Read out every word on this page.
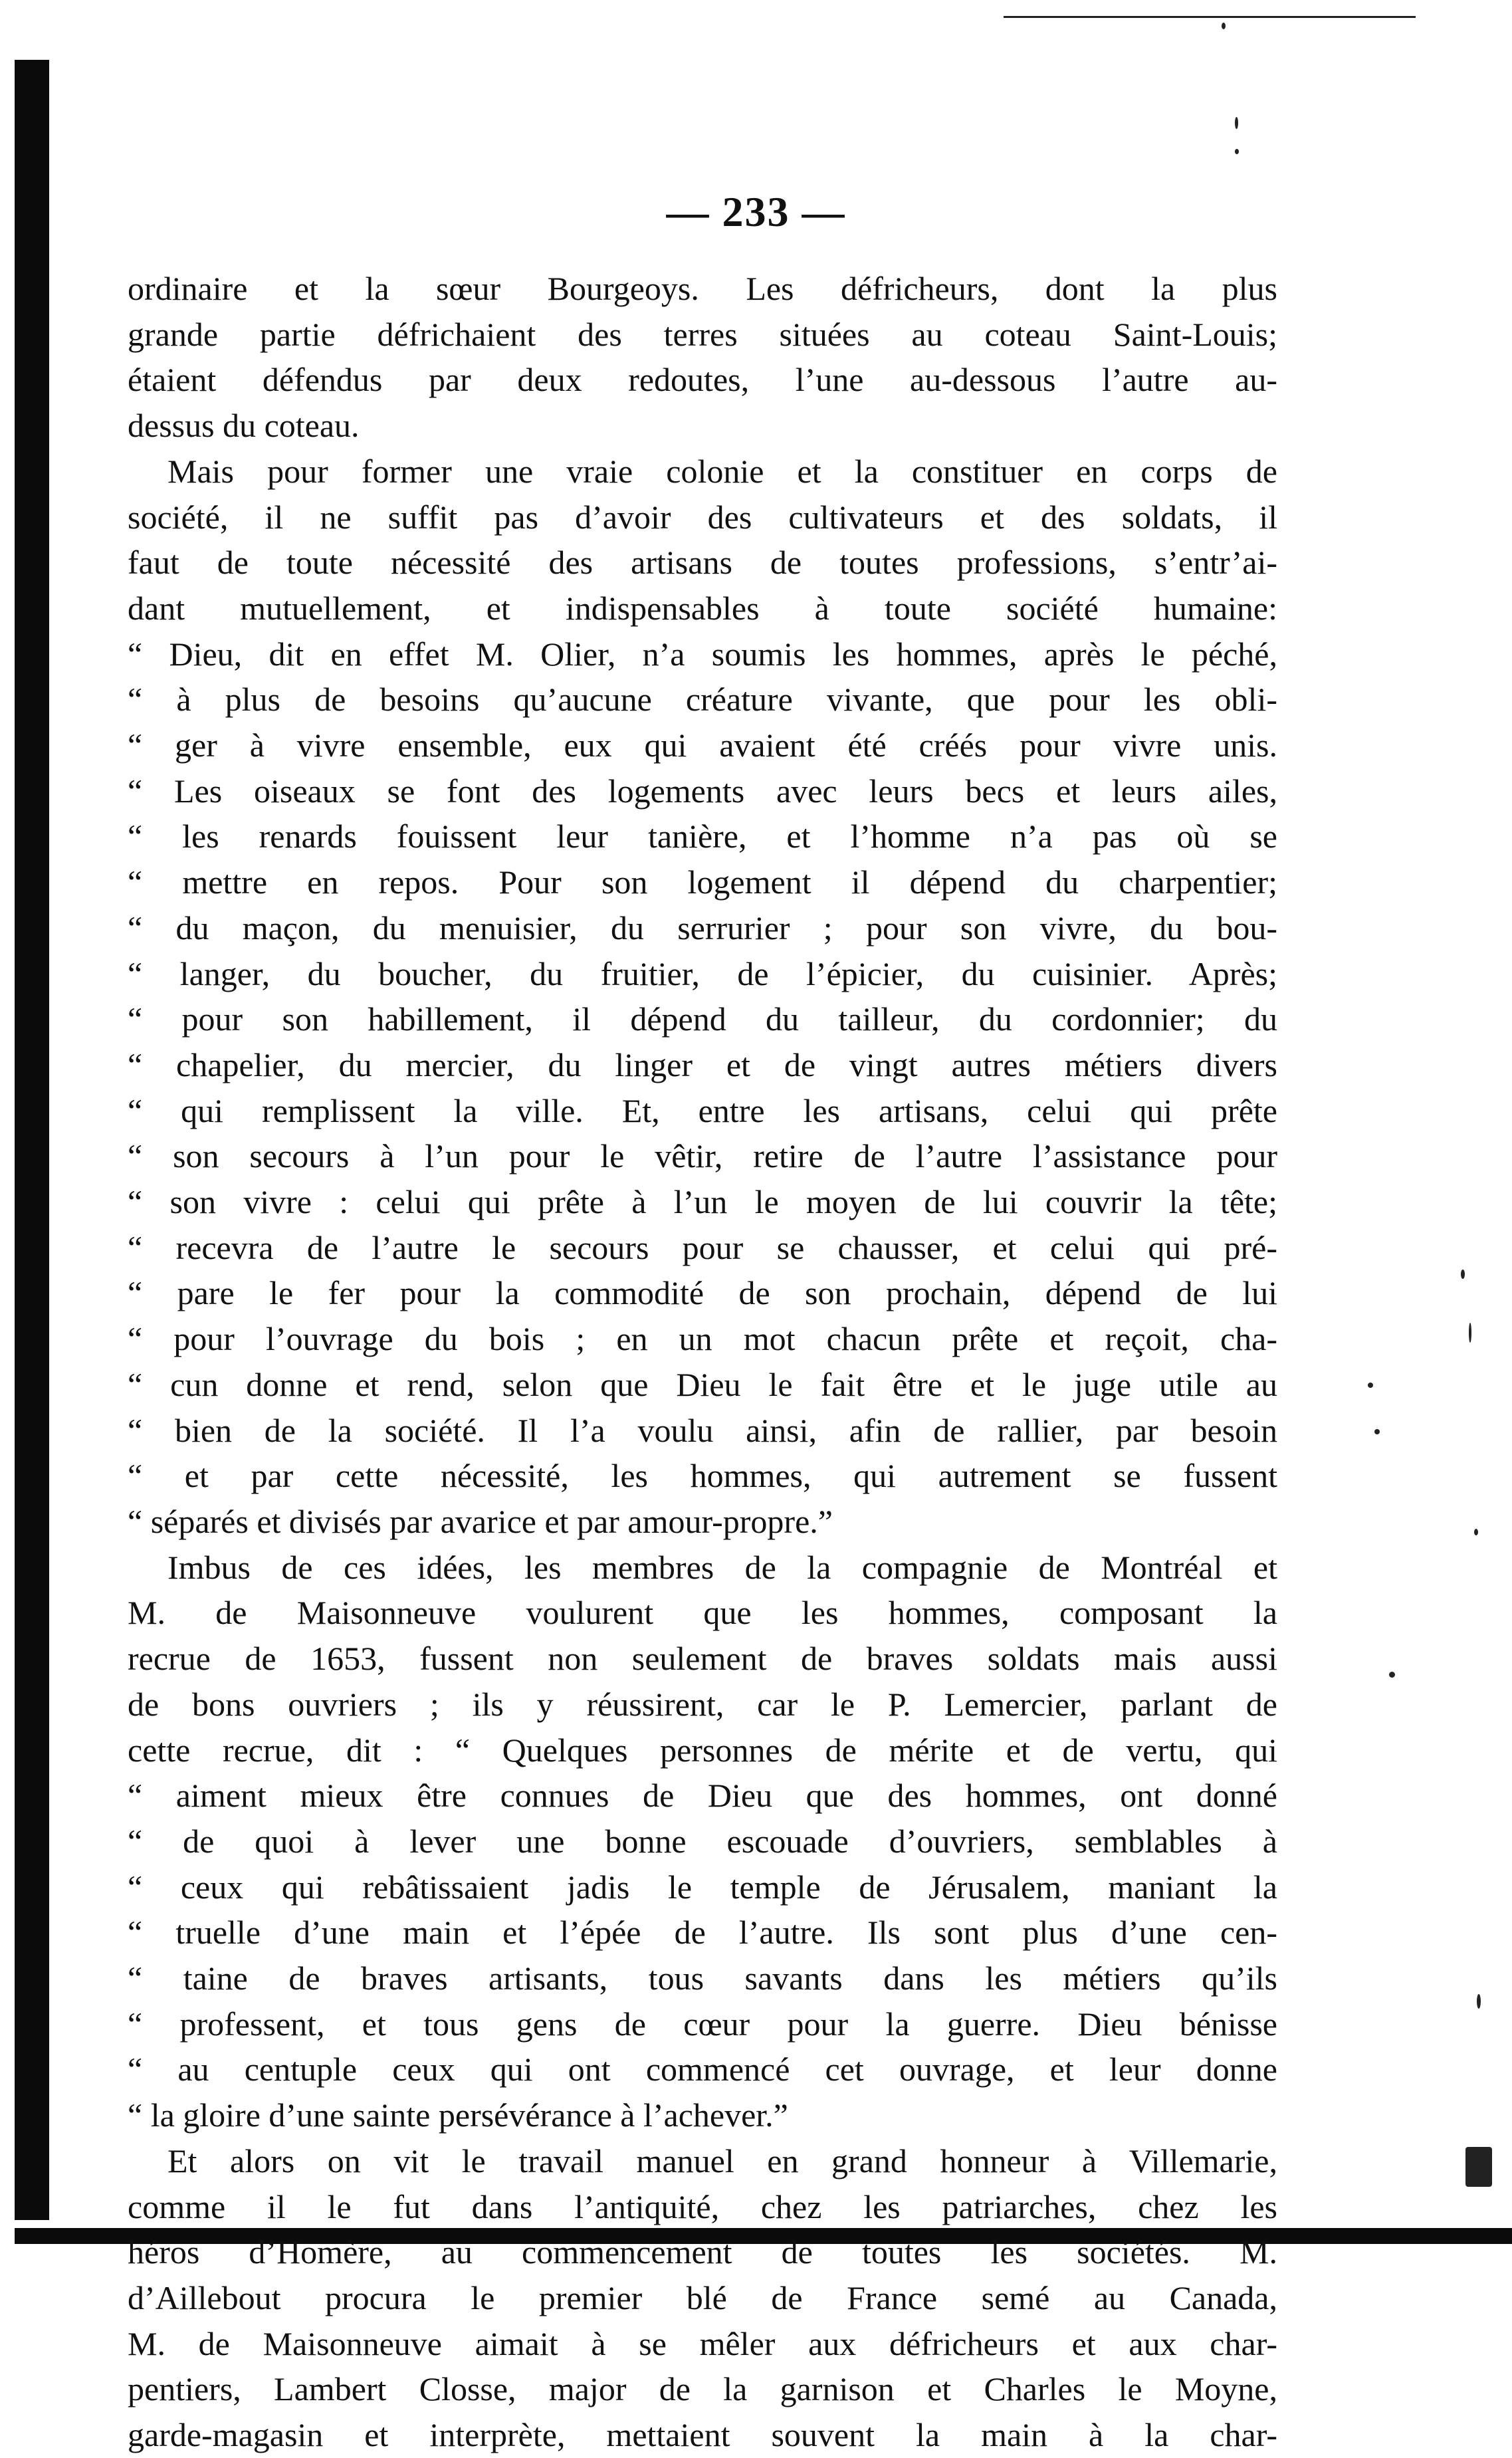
— 233 —
ordinaire et la sœur Bourgeoys. Les défricheurs, dont la plus
grande partie défrichaient des terres situées au coteau Saint-Louis;
étaient défendus par deux redoutes, l’une au-dessous l’autre au-
dessus du coteau.
Mais pour former une vraie colonie et la constituer en corps de
société, il ne suffit pas d’avoir des cultivateurs et des soldats, il
faut de toute nécessité des artisans de toutes professions, s’entr’ai-
dant mutuellement, et indispensables à toute société humaine:
“ Dieu, dit en effet M. Olier, n’a soumis les hommes, après le péché,
“ à plus de besoins qu’aucune créature vivante, que pour les obli-
“ ger à vivre ensemble, eux qui avaient été créés pour vivre unis.
“ Les oiseaux se font des logements avec leurs becs et leurs ailes,
“ les renards fouissent leur tanière, et l’homme n’a pas où se
“ mettre en repos. Pour son logement il dépend du charpentier;
“ du maçon, du menuisier, du serrurier ; pour son vivre, du bou-
“ langer, du boucher, du fruitier, de l’épicier, du cuisinier. Après;
“ pour son habillement, il dépend du tailleur, du cordonnier; du
“ chapelier, du mercier, du linger et de vingt autres métiers divers
“ qui remplissent la ville. Et, entre les artisans, celui qui prête
“ son secours à l’un pour le vêtir, retire de l’autre l’assistance pour
“ son vivre : celui qui prête à l’un le moyen de lui couvrir la tête;
“ recevra de l’autre le secours pour se chausser, et celui qui pré-
“ pare le fer pour la commodité de son prochain, dépend de lui
“ pour l’ouvrage du bois ; en un mot chacun prête et reçoit, cha-
“ cun donne et rend, selon que Dieu le fait être et le juge utile au
“ bien de la société. Il l’a voulu ainsi, afin de rallier, par besoin
“ et par cette nécessité, les hommes, qui autrement se fussent
“ séparés et divisés par avarice et par amour-propre.”
Imbus de ces idées, les membres de la compagnie de Montréal et
M. de Maisonneuve voulurent que les hommes, composant la
recrue de 1653, fussent non seulement de braves soldats mais aussi
de bons ouvriers ; ils y réussirent, car le P. Lemercier, parlant de
cette recrue, dit : “ Quelques personnes de mérite et de vertu, qui
“ aiment mieux être connues de Dieu que des hommes, ont donné
“ de quoi à lever une bonne escouade d’ouvriers, semblables à
“ ceux qui rebâtissaient jadis le temple de Jérusalem, maniant la
“ truelle d’une main et l’épée de l’autre. Ils sont plus d’une cen-
“ taine de braves artisants, tous savants dans les métiers qu’ils
“ professent, et tous gens de cœur pour la guerre. Dieu bénisse
“ au centuple ceux qui ont commencé cet ouvrage, et leur donne
“ la gloire d’une sainte persévérance à l’achever.”
Et alors on vit le travail manuel en grand honneur à Villemarie,
comme il le fut dans l’antiquité, chez les patriarches, chez les
héros d’Homère, au commencement de toutes les sociétés. M.
d’Aillebout procura le premier blé de France semé au Canada,
M. de Maisonneuve aimait à se mêler aux défricheurs et aux char-
pentiers, Lambert Closse, major de la garnison et Charles le Moyne,
garde-magasin et interprète, mettaient souvent la main à la char-
